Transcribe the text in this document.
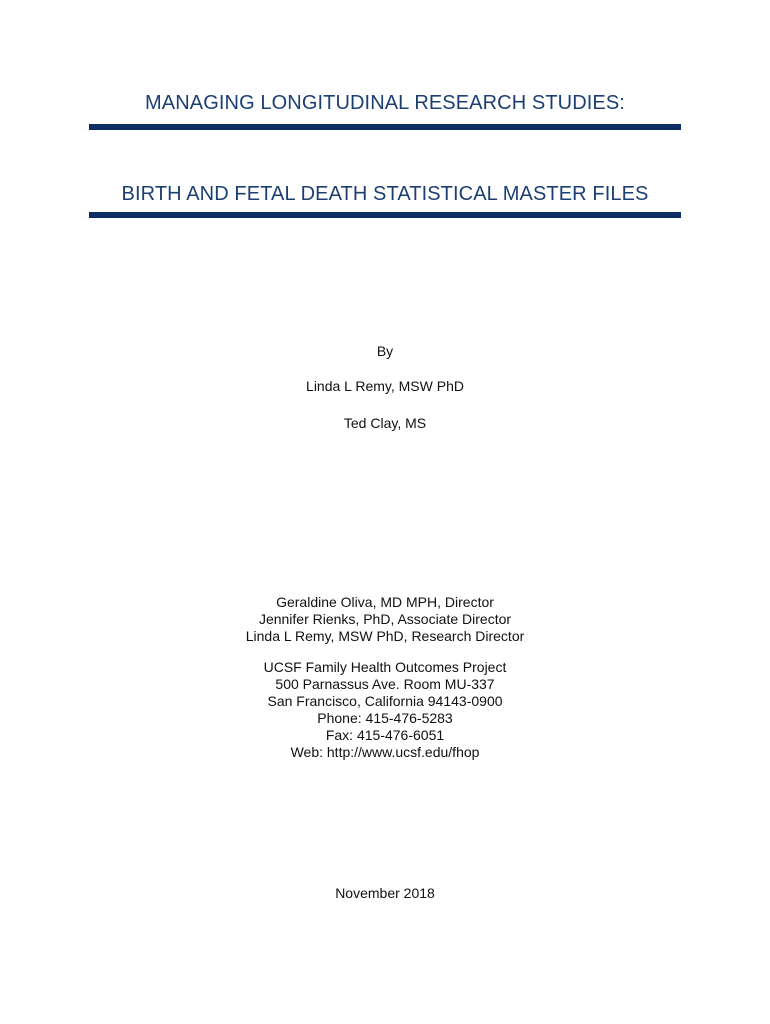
MANAGING LONGITUDINAL RESEARCH STUDIES:
BIRTH AND FETAL DEATH STATISTICAL MASTER FILES
By
Linda L Remy, MSW PhD
Ted Clay, MS
Geraldine Oliva, MD MPH, Director
Jennifer Rienks, PhD, Associate Director
Linda L Remy, MSW PhD, Research Director
UCSF Family Health Outcomes Project
500 Parnassus Ave. Room MU-337
San Francisco, California 94143-0900
Phone: 415-476-5283
Fax: 415-476-6051
Web: http://www.ucsf.edu/fhop
November 2018
